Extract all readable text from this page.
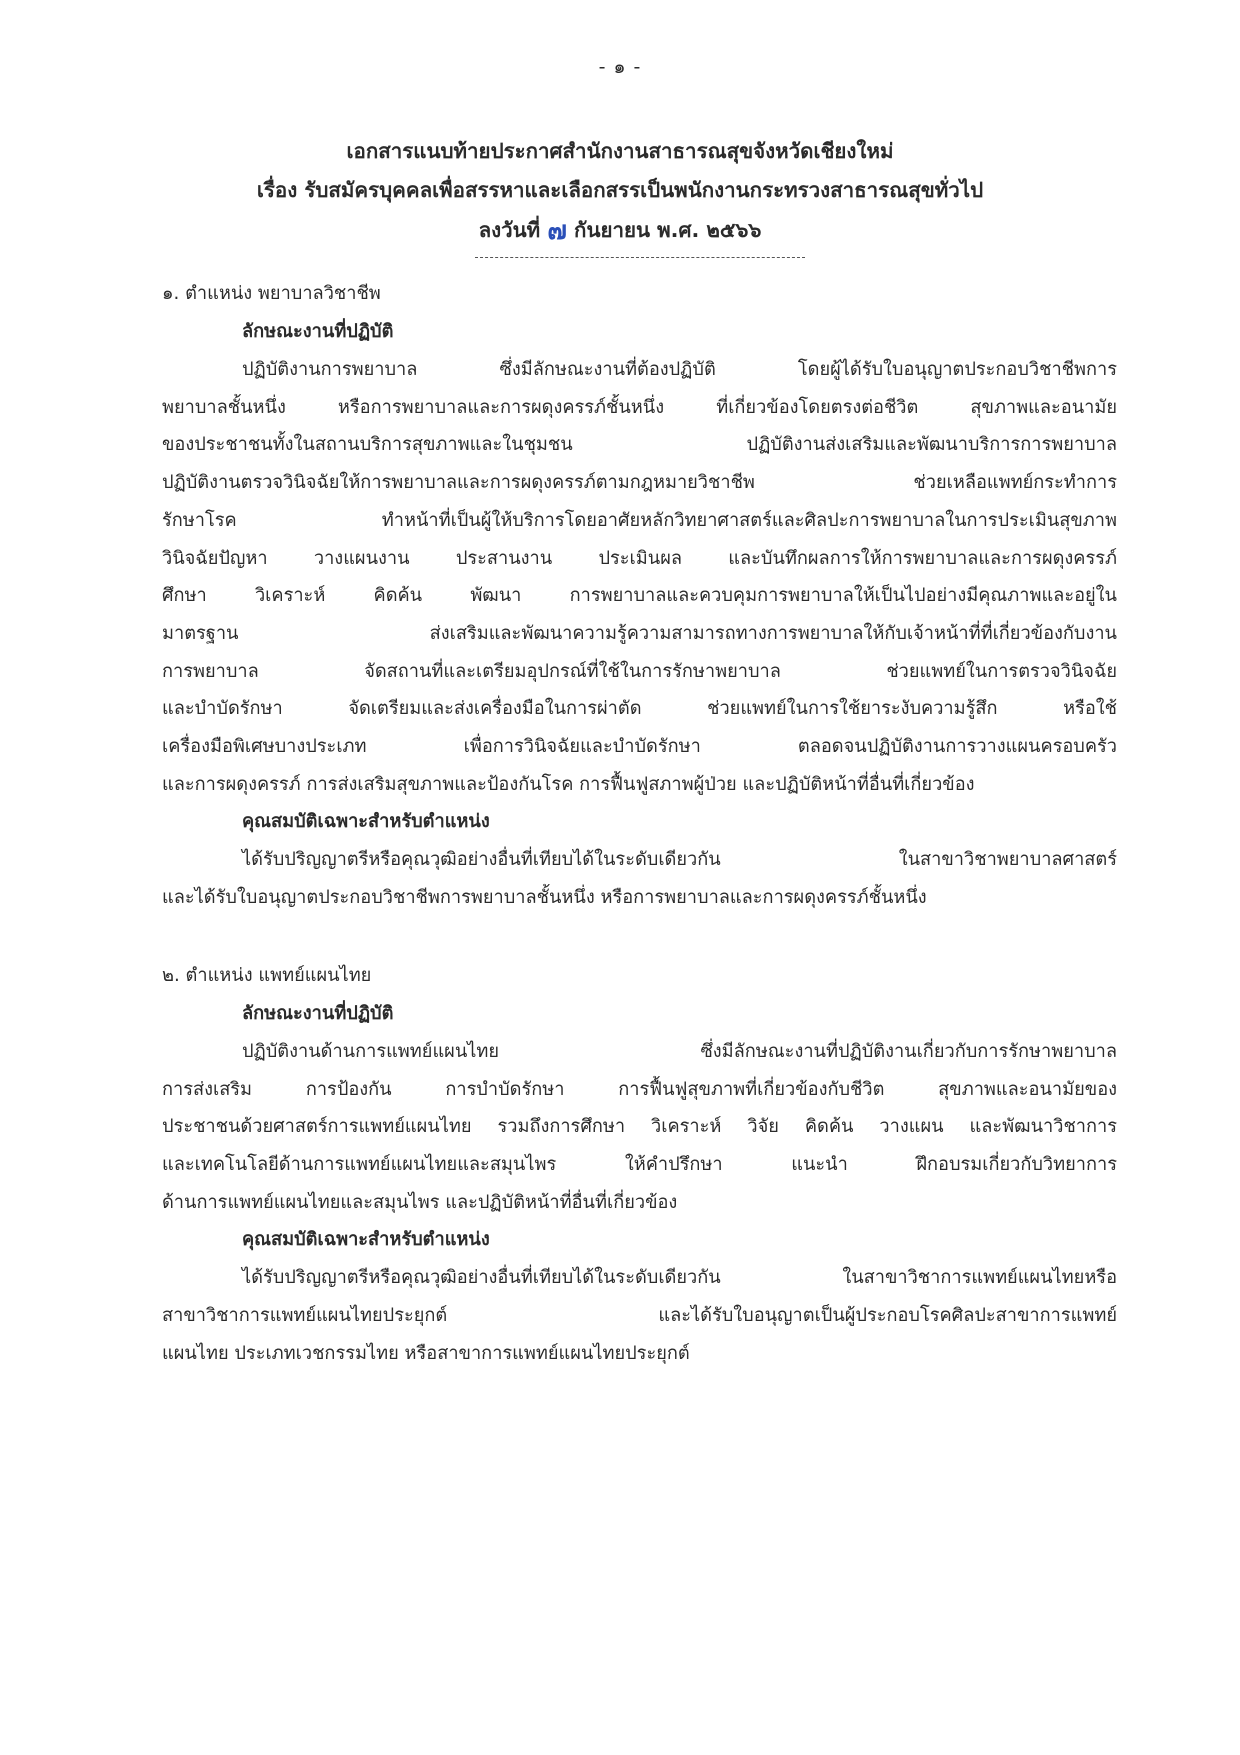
- ๑ -
เอกสารแนบท้ายประกาศสำนักงานสาธารณสุขจังหวัดเชียงใหม่
เรื่อง รับสมัครบุคคลเพื่อสรรหาและเลือกสรรเป็นพนักงานกระทรวงสาธารณสุขทั่วไป
ลงวันที่ ๗ กันยายน พ.ศ. ๒๕๖๖
๑. ตำแหน่ง พยาบาลวิชาชีพ
ลักษณะงานที่ปฏิบัติ
ปฏิบัติงานการพยาบาล ซึ่งมีลักษณะงานที่ต้องปฏิบัติ โดยผู้ได้รับใบอนุญาตประกอบวิชาชีพการ
พยาบาลชั้นหนึ่ง หรือการพยาบาลและการผดุงครรภ์ชั้นหนึ่ง ที่เกี่ยวข้องโดยตรงต่อชีวิต สุขภาพและอนามัย
ของประชาชนทั้งในสถานบริการสุขภาพและในชุมชน ปฏิบัติงานส่งเสริมและพัฒนาบริการการพยาบาล
ปฏิบัติงานตรวจวินิจฉัยให้การพยาบาลและการผดุงครรภ์ตามกฎหมายวิชาชีพ ช่วยเหลือแพทย์กระทำการ
รักษาโรค ทำหน้าที่เป็นผู้ให้บริการโดยอาศัยหลักวิทยาศาสตร์และศิลปะการพยาบาลในการประเมินสุขภาพ
วินิจฉัยปัญหา วางแผนงาน ประสานงาน ประเมินผล และบันทึกผลการให้การพยาบาลและการผดุงครรภ์
ศึกษา วิเคราะห์ คิดค้น พัฒนา การพยาบาลและควบคุมการพยาบาลให้เป็นไปอย่างมีคุณภาพและอยู่ใน
มาตรฐาน ส่งเสริมและพัฒนาความรู้ความสามารถทางการพยาบาลให้กับเจ้าหน้าที่ที่เกี่ยวข้องกับงาน
การพยาบาล จัดสถานที่และเตรียมอุปกรณ์ที่ใช้ในการรักษาพยาบาล ช่วยแพทย์ในการตรวจวินิจฉัย
และบำบัดรักษา จัดเตรียมและส่งเครื่องมือในการผ่าตัด ช่วยแพทย์ในการใช้ยาระงับความรู้สึก หรือใช้
เครื่องมือพิเศษบางประเภท เพื่อการวินิจฉัยและบำบัดรักษา ตลอดจนปฏิบัติงานการวางแผนครอบครัว
และการผดุงครรภ์ การส่งเสริมสุขภาพและป้องกันโรค การฟื้นฟูสภาพผู้ป่วย และปฏิบัติหน้าที่อื่นที่เกี่ยวข้อง
คุณสมบัติเฉพาะสำหรับตำแหน่ง
ได้รับปริญญาตรีหรือคุณวุฒิอย่างอื่นที่เทียบได้ในระดับเดียวกัน ในสาขาวิชาพยาบาลศาสตร์
และได้รับใบอนุญาตประกอบวิชาชีพการพยาบาลชั้นหนึ่ง หรือการพยาบาลและการผดุงครรภ์ชั้นหนึ่ง
๒. ตำแหน่ง แพทย์แผนไทย
ลักษณะงานที่ปฏิบัติ
ปฏิบัติงานด้านการแพทย์แผนไทย ซึ่งมีลักษณะงานที่ปฏิบัติงานเกี่ยวกับการรักษาพยาบาล
การส่งเสริม การป้องกัน การบำบัดรักษา การฟื้นฟูสุขภาพที่เกี่ยวข้องกับชีวิต สุขภาพและอนามัยของ
ประชาชนด้วยศาสตร์การแพทย์แผนไทย รวมถึงการศึกษา วิเคราะห์ วิจัย คิดค้น วางแผน และพัฒนาวิชาการ
และเทคโนโลยีด้านการแพทย์แผนไทยและสมุนไพร ให้คำปรึกษา แนะนำ ฝึกอบรมเกี่ยวกับวิทยาการ
ด้านการแพทย์แผนไทยและสมุนไพร และปฏิบัติหน้าที่อื่นที่เกี่ยวข้อง
คุณสมบัติเฉพาะสำหรับตำแหน่ง
ได้รับปริญญาตรีหรือคุณวุฒิอย่างอื่นที่เทียบได้ในระดับเดียวกัน ในสาขาวิชาการแพทย์แผนไทยหรือ
สาขาวิชาการแพทย์แผนไทยประยุกต์ และได้รับใบอนุญาตเป็นผู้ประกอบโรคศิลปะสาขาการแพทย์
แผนไทย ประเภทเวชกรรมไทย หรือสาขาการแพทย์แผนไทยประยุกต์
